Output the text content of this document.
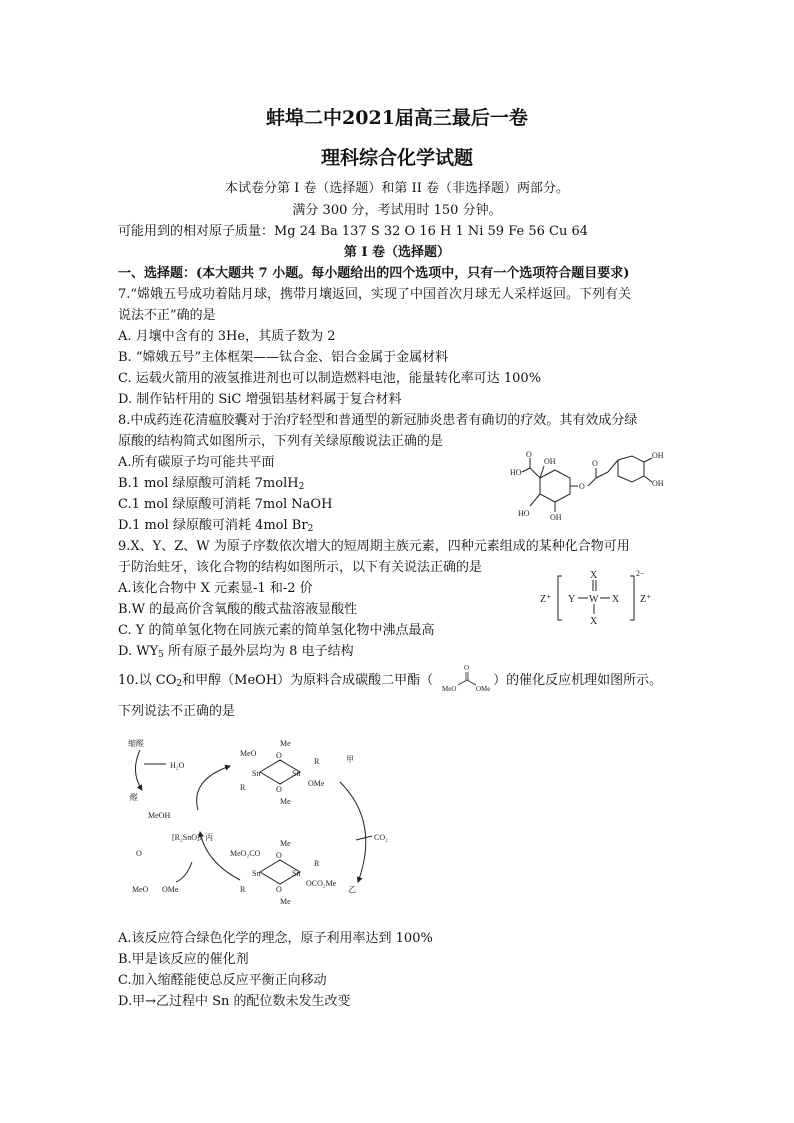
蚌埠二中2021届高三最后一卷
理科综合化学试题
本试卷分第 I 卷（选择题）和第 II 卷（非选择题）两部分。
满分 300 分，考试用时 150 分钟。
可能用到的相对原子质量：Mg 24 Ba 137 S 32 O 16 H 1 Ni 59 Fe 56 Cu 64
第 I 卷（选择题）
一、选择题：(本大题共 7 小题。每小题给出的四个选项中，只有一个选项符合题目要求)
7.“嫦娥五号成功着陆月球，携带月壤返回，实现了中国首次月球无人采样返回。下列有关
说法不正”确的是
A. 月壤中含有的 3He，其质子数为 2
B. “嫦娥五号”主体框架——钛合金、铝合金属于金属材料
C. 运载火箭用的液氢推进剂也可以制造燃料电池，能量转化率可达 100%
D. 制作钻杆用的 SiC 增强铝基材料属于复合材料
8.中成药连花清瘟胶囊对于治疗轻型和普通型的新冠肺炎患者有确切的疗效。其有效成分绿
原酸的结构简式如图所示，下列有关绿原酸说法正确的是
A.所有碳原子均可能共平面
B.1 mol 绿原酸可消耗 7molH$_2$
C.1 mol 绿原酸可消耗 7mol NaOH
D.1 mol 绿原酸可消耗 4mol $Br_2$
HO
O
OH
O
O
HO	OH
OH
OH
9.X、Y、Z、W 为原子序数依次增大的短周期主族元素，四种元素组成的某种化合物可用
于防治蛀牙，该化合物的结构如图所示，以下有关说法正确的是
A.该化合物中 X 元素显-1 和-2 价
B.W 的最高价含氧酸的酸式盐溶液显酸性
C. Y 的简单氢化物在同族元素的简单氢化物中沸点最高
D. $WY_5$ 所有原子最外层均为 8 电子结构
Z⁺ Y W X
X
X
2−
Z⁺
10.以 $CO_2$和甲醇（MeOH）为原料合成碳酸二甲酯（	）的催化反应机理如图所示。
O
MeO	OMe
下列说法不正确的是
缩醛
醛
H₂O
MeOH
[R₂SnO]ₙ 丙
甲
CO₂
乙
Sn	Sn
O
O
MeO
OMe
Me
Me
R
R
O
MeO OMe
Sn	Sn
O
O
MeO₂CO
OCO₂Me
Me
Me
R
R
A.该反应符合绿色化学的理念，原子利用率达到 100%
B.甲是该反应的催化剂
C.加入缩醛能使总反应平衡正向移动
D.甲→乙过程中 Sn 的配位数未发生改变
